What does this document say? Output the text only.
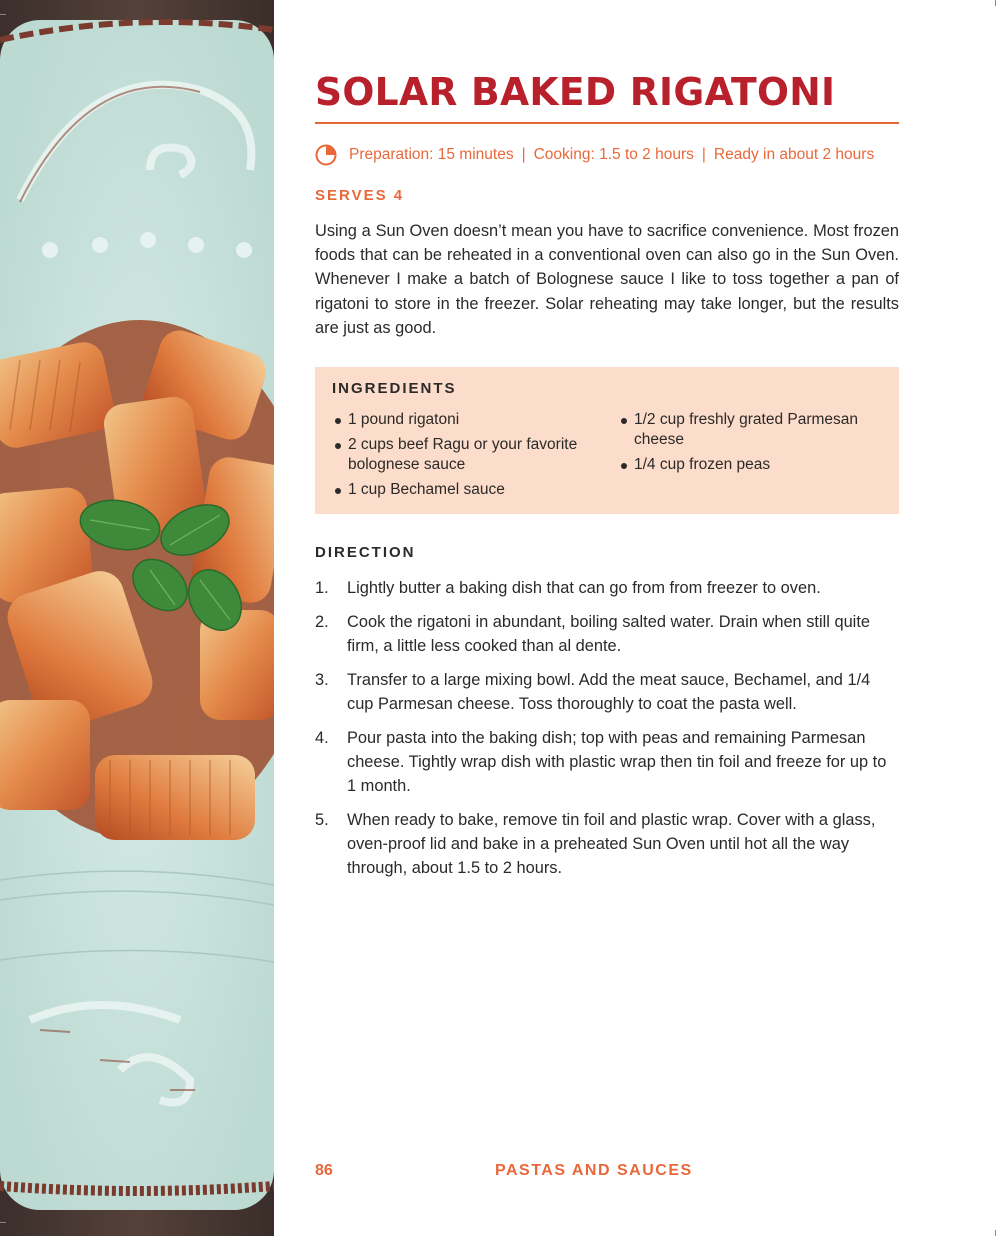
SOLAR BAKED RIGATONI
Preparation: 15 minutes | Cooking: 1.5 to 2 hours | Ready in about 2 hours
SERVES 4

Using a Sun Oven doesn’t mean you have to sacrifice convenience. Most frozen foods that can be reheated in a conventional oven can also go in the Sun Oven. Whenever I make a batch of Bolognese sauce I like to toss together a pan of rigatoni to store in the freezer. Solar reheating may take longer, but the results are just as good.

INGREDIENTS
1 pound rigatoni
2 cups beef Ragu or your favorite bolognese sauce
1 cup Bechamel sauce
1/2 cup freshly grated Parmesan cheese
1/4 cup frozen peas
DIRECTION
1. Lightly butter a baking dish that can go from from freezer to oven.
2. Cook the rigatoni in abundant, boiling salted water. Drain when still quite firm, a little less cooked than al dente.
3. Transfer to a large mixing bowl. Add the meat sauce, Bechamel, and 1/4 cup Parmesan cheese. Toss thoroughly to coat the pasta well.
4. Pour pasta into the baking dish; top with peas and remaining Parmesan cheese. Tightly wrap dish with plastic wrap then tin foil and freeze for up to 1 month.
5. When ready to bake, remove tin foil and plastic wrap. Cover with a glass, oven-proof lid and bake in a preheated Sun Oven until hot all the way through, about 1.5 to 2 hours.
86	PASTAS AND SAUCES
